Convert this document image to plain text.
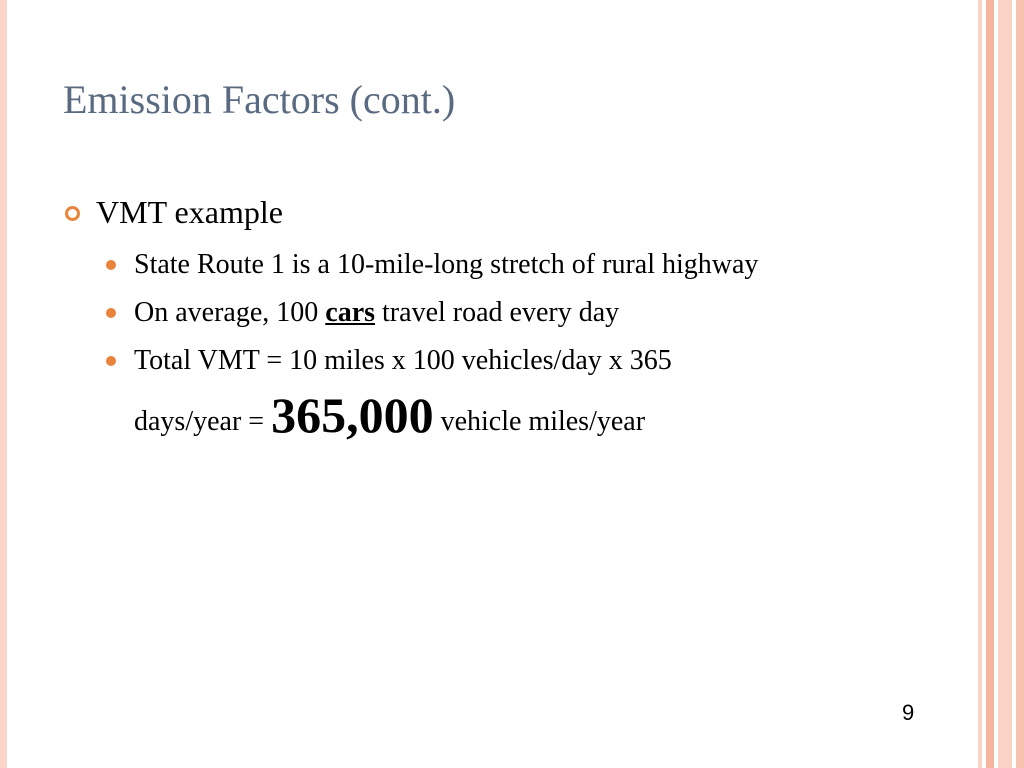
Emission Factors (cont.)
VMT example
State Route 1 is a 10-mile-long stretch of rural highway
On average, 100 cars travel road every day
Total VMT = 10 miles x 100 vehicles/day x 365
days/year = 365,000 vehicle miles/year
9
